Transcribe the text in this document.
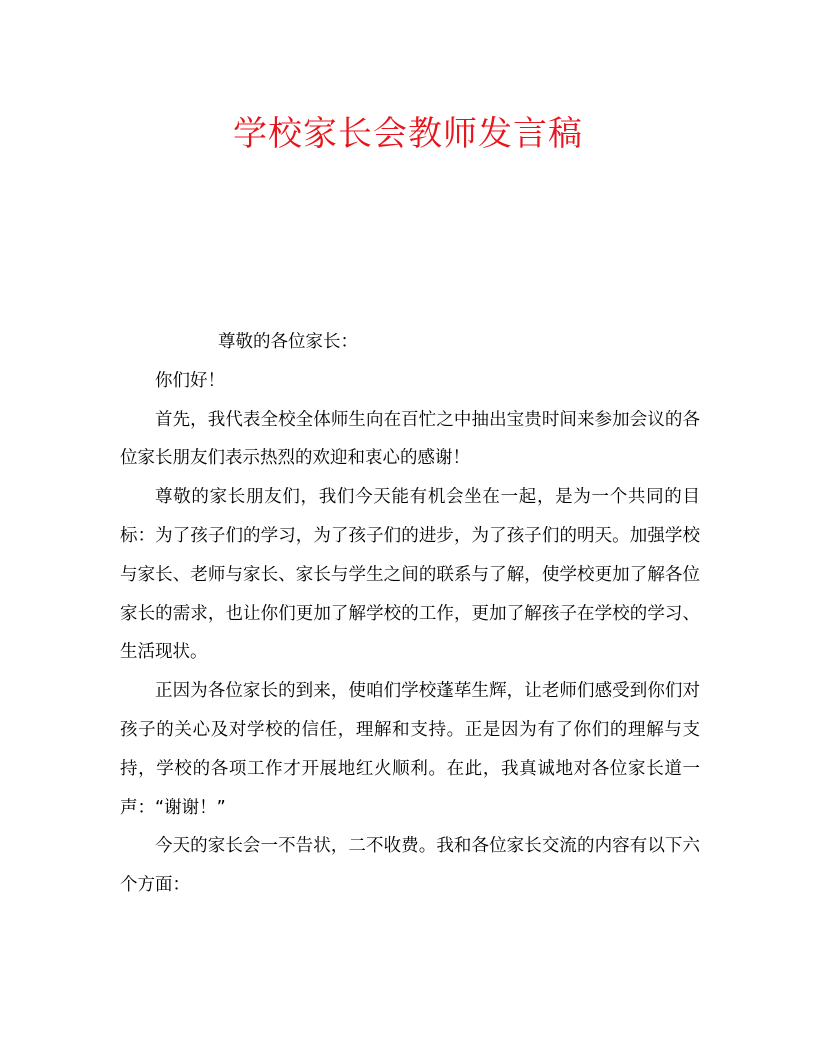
学校家长会教师发言稿

尊敬的各位家长：

你们好！

首先，我代表全校全体师生向在百忙之中抽出宝贵时间来参加会议的各位家长朋友们表示热烈的欢迎和衷心的感谢！

尊敬的家长朋友们，我们今天能有机会坐在一起，是为一个共同的目标：为了孩子们的学习，为了孩子们的进步，为了孩子们的明天。加强学校与家长、老师与家长、家长与学生之间的联系与了解，使学校更加了解各位家长的需求，也让你们更加了解学校的工作，更加了解孩子在学校的学习、生活现状。

正因为各位家长的到来，使咱们学校蓬荜生辉，让老师们感受到你们对孩子的关心及对学校的信任，理解和支持。正是因为有了你们的理解与支持，学校的各项工作才开展地红火顺利。在此，我真诚地对各位家长道一声：“谢谢！”

今天的家长会一不告状，二不收费。我和各位家长交流的内容有以下六个方面：
